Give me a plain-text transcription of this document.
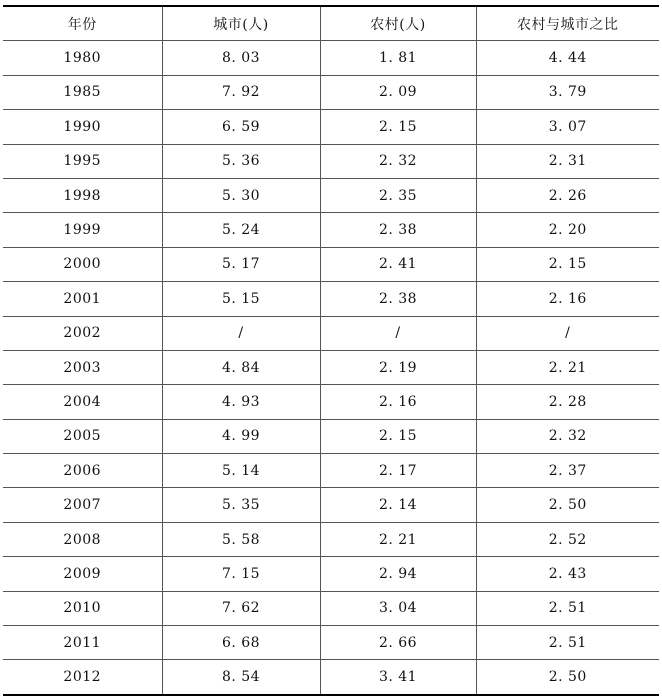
年份	城市(人)	农村(人)	农村与城市之比
1980	8. 03	1. 81	4. 44
1985	7. 92	2. 09	3. 79
1990	6. 59	2. 15	3. 07
1995	5. 36	2. 32	2. 31
1998	5. 30	2. 35	2. 26
1999	5. 24	2. 38	2. 20
2000	5. 17	2. 41	2. 15
2001	5. 15	2. 38	2. 16
2002	/	/	/
2003	4. 84	2. 19	2. 21
2004	4. 93	2. 16	2. 28
2005	4. 99	2. 15	2. 32
2006	5. 14	2. 17	2. 37
2007	5. 35	2. 14	2. 50
2008	5. 58	2. 21	2. 52
2009	7. 15	2. 94	2. 43
2010	7. 62	3. 04	2. 51
2011	6. 68	2. 66	2. 51
2012	8. 54	3. 41	2. 50
